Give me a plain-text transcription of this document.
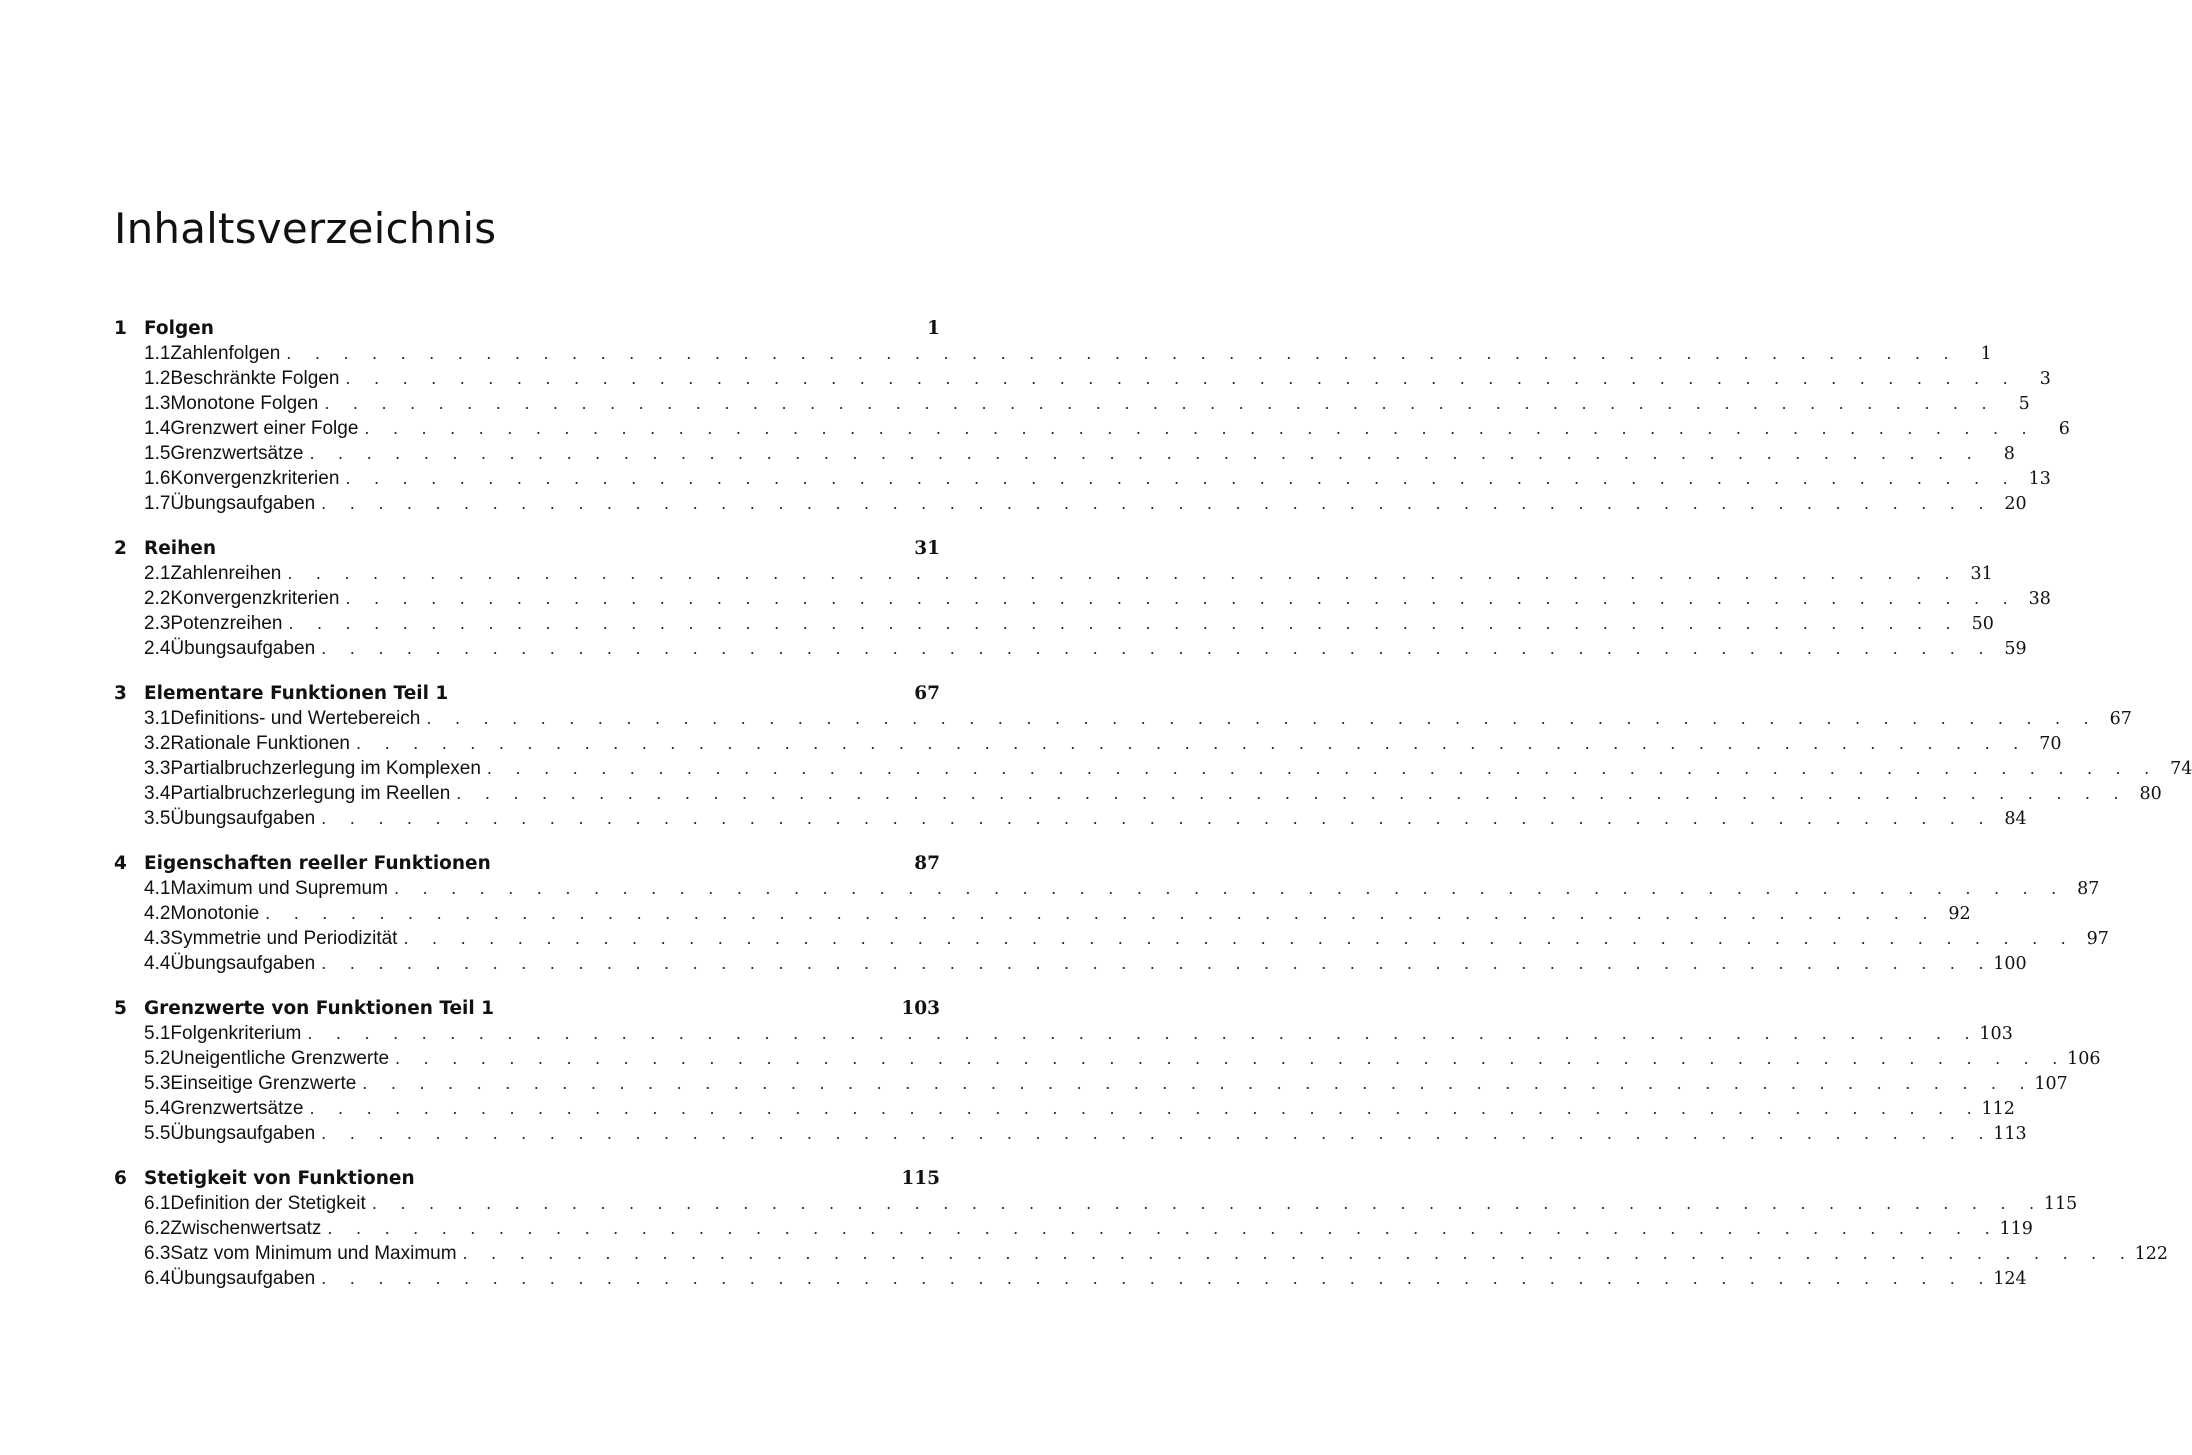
Inhaltsverzeichnis
1 Folgen	1
1.1 Zahlenfolgen . . . . . . . . . . . . . . . . . . . . . . . . . . . . . . . . . . . . . . . . . . . . . . . . . . . . . . . . . . .	1
1.2 Beschränkte Folgen . . . . . . . . . . . . . . . . . . . . . . . . . . . . . . . . . . . . . . . . . . . . . . . . . . . . . . . . . . .	3
1.3 Monotone Folgen . . . . . . . . . . . . . . . . . . . . . . . . . . . . . . . . . . . . . . . . . . . . . . . . . . . . . . . . . . .	5
1.4 Grenzwert einer Folge . . . . . . . . . . . . . . . . . . . . . . . . . . . . . . . . . . . . . . . . . . . . . . . . . . . . . . . . . . .	6
1.5 Grenzwertsätze . . . . . . . . . . . . . . . . . . . . . . . . . . . . . . . . . . . . . . . . . . . . . . . . . . . . . . . . . . .	8
1.6 Konvergenzkriterien . . . . . . . . . . . . . . . . . . . . . . . . . . . . . . . . . . . . . . . . . . . . . . . . . . . . . . . . . . . 13
1.7 Übungsaufgaben . . . . . . . . . . . . . . . . . . . . . . . . . . . . . . . . . . . . . . . . . . . . . . . . . . . . . . . . . . . 20
2 Reihen	31
2.1 Zahlenreihen . . . . . . . . . . . . . . . . . . . . . . . . . . . . . . . . . . . . . . . . . . . . . . . . . . . . . . . . . . . 31
2.2 Konvergenzkriterien . . . . . . . . . . . . . . . . . . . . . . . . . . . . . . . . . . . . . . . . . . . . . . . . . . . . . . . . . . . 38
2.3 Potenzreihen . . . . . . . . . . . . . . . . . . . . . . . . . . . . . . . . . . . . . . . . . . . . . . . . . . . . . . . . . . . 50
2.4 Übungsaufgaben . . . . . . . . . . . . . . . . . . . . . . . . . . . . . . . . . . . . . . . . . . . . . . . . . . . . . . . . . . . 59
3 Elementare Funktionen Teil 1	67
3.1 Definitions- und Wertebereich . . . . . . . . . . . . . . . . . . . . . . . . . . . . . . . . . . . . . . . . . . . . . . . . . . . . . . . . . . . 67
3.2 Rationale Funktionen . . . . . . . . . . . . . . . . . . . . . . . . . . . . . . . . . . . . . . . . . . . . . . . . . . . . . . . . . . . 70
3.3 Partialbruchzerlegung im Komplexen . . . . . . . . . . . . . . . . . . . . . . . . . . . . . . . . . . . . . . . . . . . . . . . . . . . . . . . . . . . 74
3.4 Partialbruchzerlegung im Reellen . . . . . . . . . . . . . . . . . . . . . . . . . . . . . . . . . . . . . . . . . . . . . . . . . . . . . . . . . . . 80
3.5 Übungsaufgaben . . . . . . . . . . . . . . . . . . . . . . . . . . . . . . . . . . . . . . . . . . . . . . . . . . . . . . . . . . . 84
4 Eigenschaften reeller Funktionen	87
4.1 Maximum und Supremum . . . . . . . . . . . . . . . . . . . . . . . . . . . . . . . . . . . . . . . . . . . . . . . . . . . . . . . . . . . 87
4.2 Monotonie . . . . . . . . . . . . . . . . . . . . . . . . . . . . . . . . . . . . . . . . . . . . . . . . . . . . . . . . . . . 92
4.3 Symmetrie und Periodizität . . . . . . . . . . . . . . . . . . . . . . . . . . . . . . . . . . . . . . . . . . . . . . . . . . . . . . . . . . . 97
4.4 Übungsaufgaben . . . . . . . . . . . . . . . . . . . . . . . . . . . . . . . . . . . . . . . . . . . . . . . . . . . . . . . . . . . 100
5 Grenzwerte von Funktionen Teil 1	103
5.1 Folgenkriterium . . . . . . . . . . . . . . . . . . . . . . . . . . . . . . . . . . . . . . . . . . . . . . . . . . . . . . . . . . . 103
5.2 Uneigentliche Grenzwerte . . . . . . . . . . . . . . . . . . . . . . . . . . . . . . . . . . . . . . . . . . . . . . . . . . . . . . . . . . . 106
5.3 Einseitige Grenzwerte . . . . . . . . . . . . . . . . . . . . . . . . . . . . . . . . . . . . . . . . . . . . . . . . . . . . . . . . . . . 107
5.4 Grenzwertsätze . . . . . . . . . . . . . . . . . . . . . . . . . . . . . . . . . . . . . . . . . . . . . . . . . . . . . . . . . . . 112
5.5 Übungsaufgaben . . . . . . . . . . . . . . . . . . . . . . . . . . . . . . . . . . . . . . . . . . . . . . . . . . . . . . . . . . . 113
6 Stetigkeit von Funktionen	115
6.1 Definition der Stetigkeit . . . . . . . . . . . . . . . . . . . . . . . . . . . . . . . . . . . . . . . . . . . . . . . . . . . . . . . . . . . 115
6.2 Zwischenwertsatz . . . . . . . . . . . . . . . . . . . . . . . . . . . . . . . . . . . . . . . . . . . . . . . . . . . . . . . . . . . 119
6.3 Satz vom Minimum und Maximum . . . . . . . . . . . . . . . . . . . . . . . . . . . . . . . . . . . . . . . . . . . . . . . . . . . . . . . . . . . 122
6.4 Übungsaufgaben . . . . . . . . . . . . . . . . . . . . . . . . . . . . . . . . . . . . . . . . . . . . . . . . . . . . . . . . . . . 124
